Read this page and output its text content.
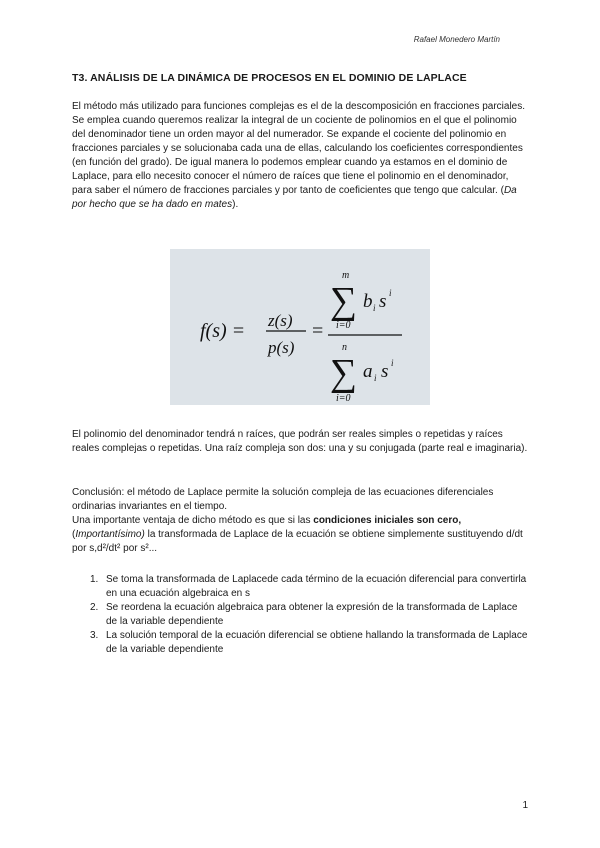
Rafael Monedero Martín
T3. ANÁLISIS DE LA DINÁMICA DE PROCESOS EN EL DOMINIO DE LAPLACE

El método más utilizado para funciones complejas es el de la descomposición en fracciones parciales. Se emplea cuando queremos realizar la integral de un cociente de polinomios en el que el polinomio del denominador tiene un orden mayor al del numerador. Se expande el cociente del polinomio en fracciones parciales y se solucionaba cada una de ellas, calculando los coeficientes correspondientes (en función del grado). De igual manera lo podemos emplear cuando ya estamos en el dominio de Laplace, para ello necesito conocer el número de raíces que tiene el polinomio en el denominador, para saber el número de fracciones parciales y por tanto de coeficientes que tengo que calcular. (Da por hecho que se ha dado en mates).

f(s) = z(s)
p(s)
=
m
∑
i=0
b i s i
n
∑
i=0
a i s i

El polinomio del denominador tendrá n raíces, que podrán ser reales simples o repetidas y raíces reales complejas o repetidas. Una raíz compleja son dos: una y su conjugada (parte real e imaginaria).

Conclusión: el método de Laplace permite la solución compleja de las ecuaciones diferenciales ordinarias invariantes en el tiempo.
Una importante ventaja de dicho método es que si las condiciones iniciales son cero,
(Importantísimo) la transformada de Laplace de la ecuación se obtiene simplemente sustituyendo d/dt por s,d²/dt² por s²...

1. Se toma la transformada de Laplacede cada término de la ecuación diferencial para convertirla en una ecuación algebraica en s
2. Se reordena la ecuación algebraica para obtener la expresión de la transformada de Laplace de la variable dependiente
3. La solución temporal de la ecuación diferencial se obtiene hallando la transformada de Laplace de la variable dependiente
1
